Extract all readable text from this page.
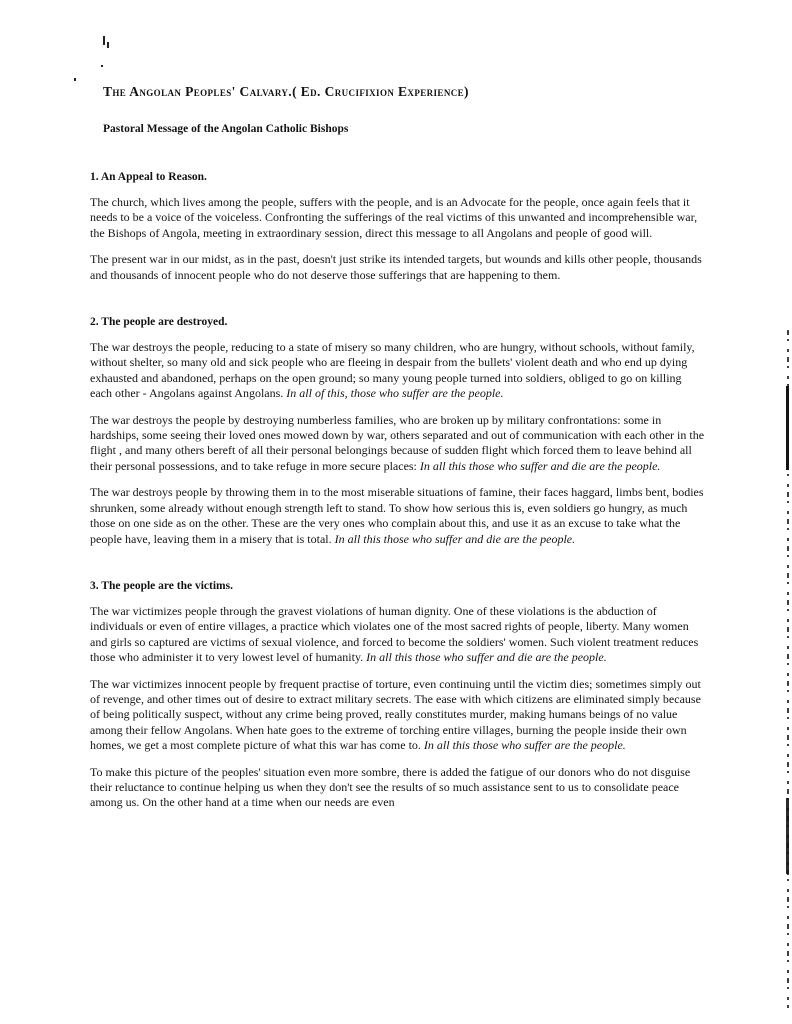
The Angolan Peoples' Calvary.( Ed. Crucifixion Experience)
Pastoral Message of the Angolan Catholic Bishops
1. An Appeal to Reason.

The church, which lives among the people, suffers with the people, and is an Advocate for the people, once again feels that it needs to be a voice of the voiceless. Confronting the sufferings of the real victims of this unwanted and incomprehensible war, the Bishops of Angola, meeting in extraordinary session, direct this message to all Angolans and people of good will.

The present war in our midst, as in the past, doesn't just strike its intended targets, but wounds and kills other people, thousands and thousands of innocent people who do not deserve those sufferings that are happening to them.

2. The people are destroyed.

The war destroys the people, reducing to a state of misery so many children, who are hungry, without schools, without family, without shelter, so many old and sick people who are fleeing in despair from the bullets' violent death and who end up dying exhausted and abandoned, perhaps on the open ground; so many young people turned into soldiers, obliged to go on killing each other - Angolans against Angolans. In all of this, those who suffer are the people.

The war destroys the people by destroying numberless families, who are broken up by military confrontations: some in hardships, some seeing their loved ones mowed down by war, others separated and out of communication with each other in the flight , and many others bereft of all their personal belongings because of sudden flight which forced them to leave behind all their personal possessions, and to take refuge in more secure places: In all this those who suffer and die are the people.

The war destroys people by throwing them in to the most miserable situations of famine, their faces haggard, limbs bent, bodies shrunken, some already without enough strength left to stand. To show how serious this is, even soldiers go hungry, as much those on one side as on the other. These are the very ones who complain about this, and use it as an excuse to take what the people have, leaving them in a misery that is total. In all this those who suffer and die are the people.

3. The people are the victims.

The war victimizes people through the gravest violations of human dignity. One of these violations is the abduction of individuals or even of entire villages, a practice which violates one of the most sacred rights of people, liberty. Many women and girls so captured are victims of sexual violence, and forced to become the soldiers' women. Such violent treatment reduces those who administer it to very lowest level of humanity. In all this those who suffer and die are the people.

The war victimizes innocent people by frequent practise of torture, even continuing until the victim dies; sometimes simply out of revenge, and other times out of desire to extract military secrets. The ease with which citizens are eliminated simply because of being politically suspect, without any crime being proved, really constitutes murder, making humans beings of no value among their fellow Angolans. When hate goes to the extreme of torching entire villages, burning the people inside their own homes, we get a most complete picture of what this war has come to. In all this those who suffer are the people.

To make this picture of the peoples' situation even more sombre, there is added the fatigue of our donors who do not disguise their reluctance to continue helping us when they don't see the results of so much assistance sent to us to consolidate peace among us. On the other hand at a time when our needs are even
